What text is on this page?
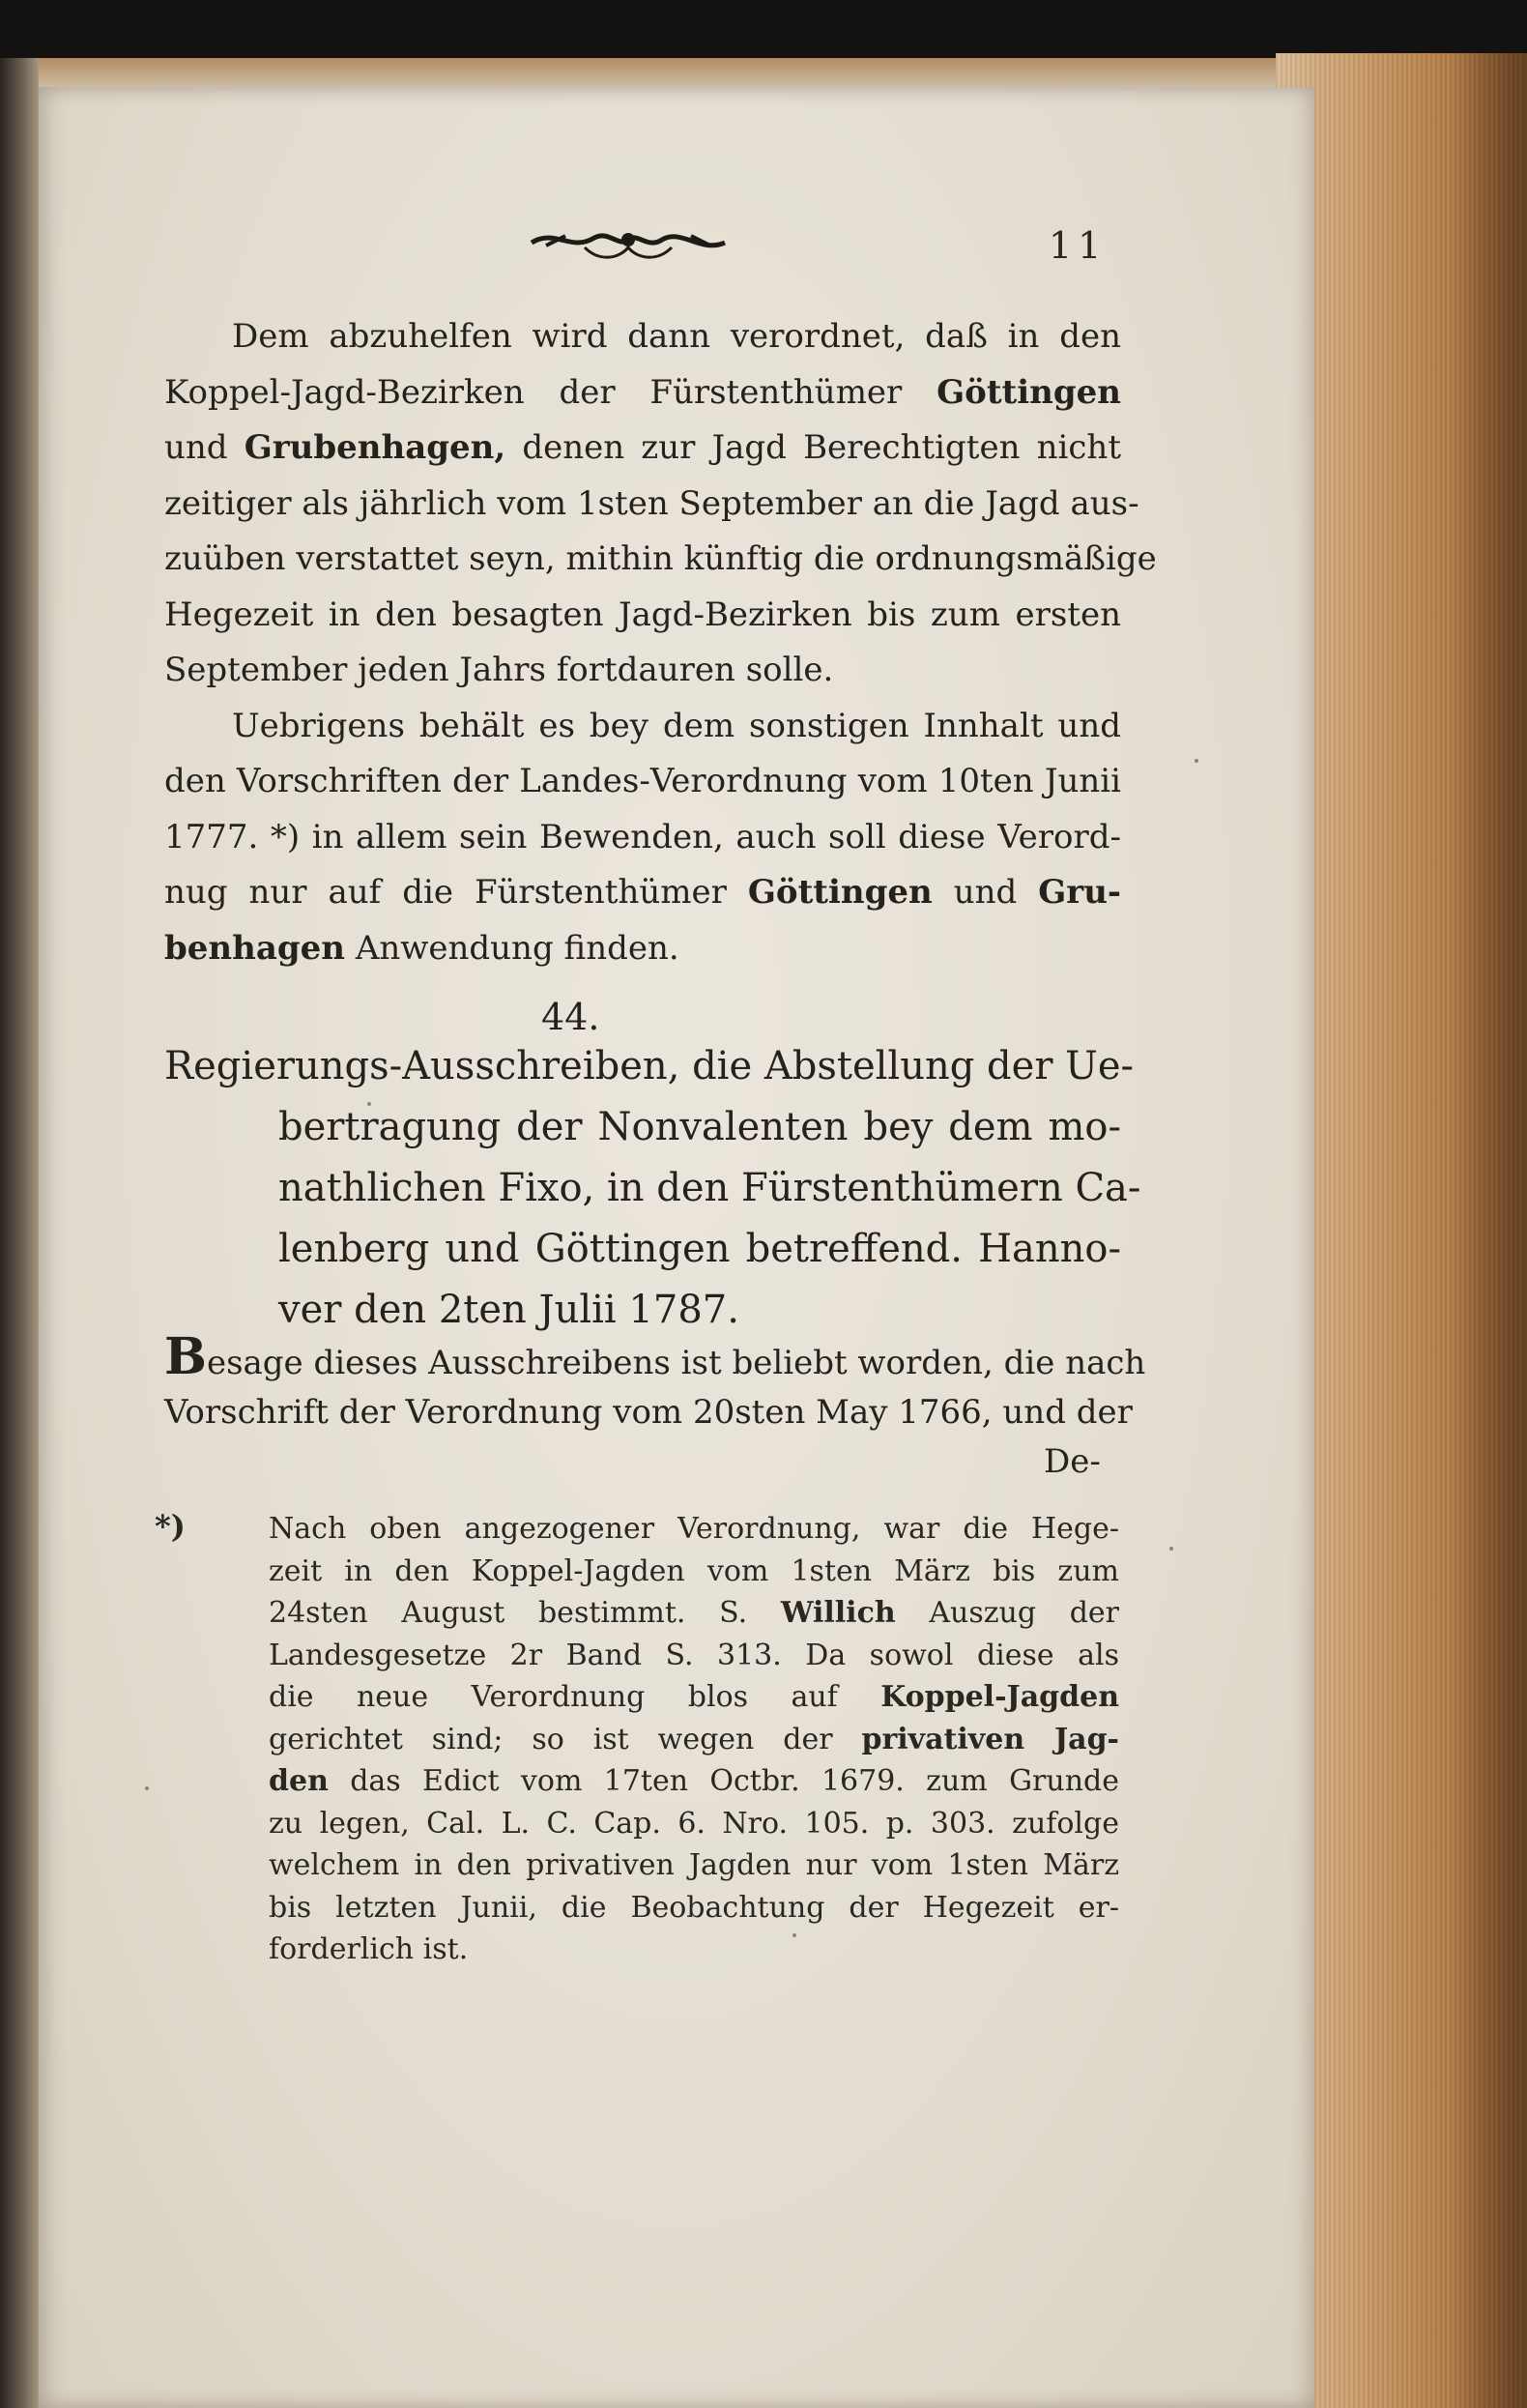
11
Dem abzuhelfen wird dann verordnet, daß in den
Koppel‑Jagd‑Bezirken der Fürstenthümer Göttingen
und Grubenhagen, denen zur Jagd Berechtigten nicht
zeitiger als jährlich vom 1sten September an die Jagd aus‑
zuüben verstattet seyn, mithin künftig die ordnungsmäßige
Hegezeit in den besagten Jagd‑Bezirken bis zum ersten
September jeden Jahrs fortdauren solle.
Uebrigens behält es bey dem sonstigen Innhalt und
den Vorschriften der Landes‑Verordnung vom 10ten Junii
1777. *) in allem sein Bewenden, auch soll diese Verord‑
nug nur auf die Fürstenthümer Göttingen und Gru‑
benhagen Anwendung finden.
44.
Regierungs‑Ausschreiben, die Abstellung der Ue‑
bertragung der Nonvalenten bey dem mo‑
nathlichen Fixo, in den Fürstenthümern Ca‑
lenberg und Göttingen betreffend. Hanno‑
ver den 2ten Julii 1787.
Besage dieses Ausschreibens ist beliebt worden, die nach
Vorschrift der Verordnung vom 20sten May 1766, und der
De‑
*)	Nach oben angezogener Verordnung, war die Hege‑
zeit in den Koppel‑Jagden vom 1sten März bis zum
24sten August bestimmt. S. Willich Auszug der
Landesgesetze 2r Band S. 313. Da sowol diese als
die neue Verordnung blos auf Koppel‑Jagden
gerichtet sind; so ist wegen der privativen Jag‑
den das Edict vom 17ten Octbr. 1679. zum Grunde
zu legen, Cal. L. C. Cap. 6. Nro. 105. p. 303. zufolge
welchem in den privativen Jagden nur vom 1sten März
bis letzten Junii, die Beobachtung der Hegezeit er‑
forderlich ist.
